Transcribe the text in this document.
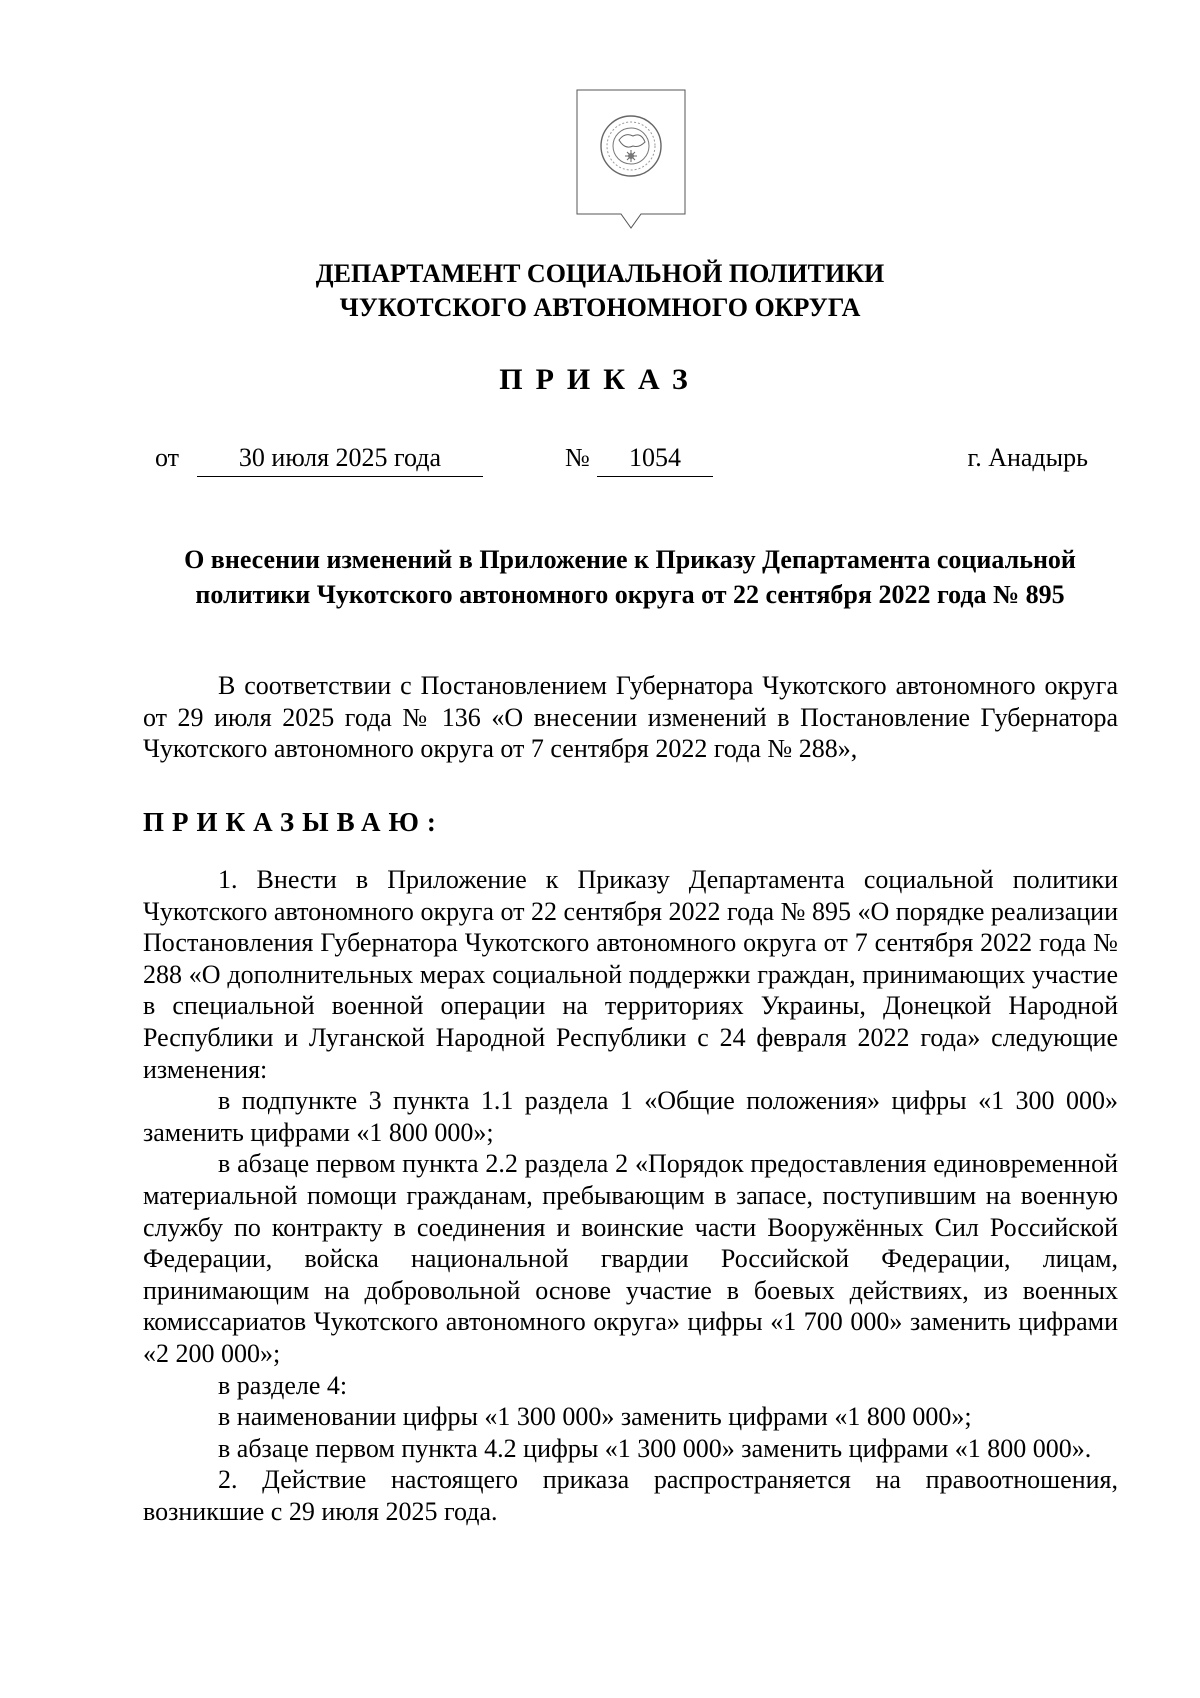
ДЕПАРТАМЕНТ СОЦИАЛЬНОЙ ПОЛИТИКИ
ЧУКОТСКОГО АВТОНОМНОГО ОКРУГА
ПРИКАЗ
от	30 июля 2025 года	№	1054	г. Анадырь
О внесении изменений в Приложение к Приказу Департамента социальной
политики Чукотского автономного округа от 22 сентября 2022 года № 895

В соответствии с Постановлением Губернатора Чукотского автономного округа от 29 июля 2025 года № 136 «О внесении изменений в Постановление Губернатора Чукотского автономного округа от 7 сентября 2022 года № 288»,

ПРИКАЗЫВАЮ:

1. Внести в Приложение к Приказу Департамента социальной политики Чукотского автономного округа от 22 сентября 2022 года № 895 «О порядке реализации Постановления Губернатора Чукотского автономного округа от 7 сентября 2022 года № 288 «О дополнительных мерах социальной поддержки граждан, принимающих участие в специальной военной операции на территориях Украины, Донецкой Народной Республики и Луганской Народной Республики с 24 февраля 2022 года» следующие изменения:

в подпункте 3 пункта 1.1 раздела 1 «Общие положения» цифры «1 300 000» заменить цифрами «1 800 000»;

в абзаце первом пункта 2.2 раздела 2 «Порядок предоставления единовременной материальной помощи гражданам, пребывающим в запасе, поступившим на военную службу по контракту в соединения и воинские части Вооружённых Сил Российской Федерации, войска национальной гвардии Российской Федерации, лицам, принимающим на добровольной основе участие в боевых действиях, из военных комиссариатов Чукотского автономного округа» цифры «1 700 000» заменить цифрами «2 200 000»;

в разделе 4:

в наименовании цифры «1 300 000» заменить цифрами «1 800 000»;

в абзаце первом пункта 4.2 цифры «1 300 000» заменить цифрами «1 800 000».

2. Действие настоящего приказа распространяется на правоотношения, возникшие с 29 июля 2025 года.
